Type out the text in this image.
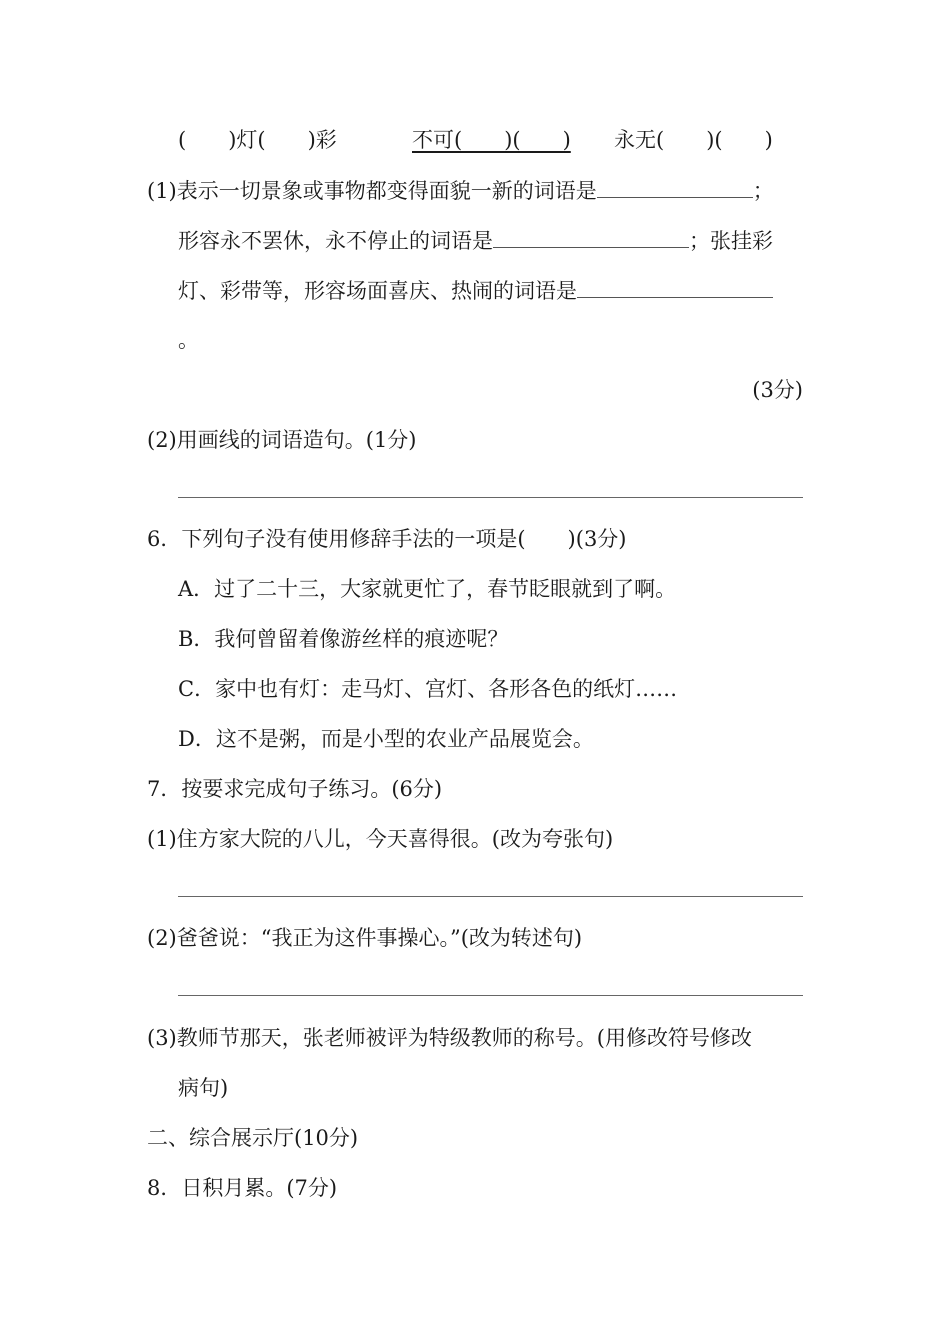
(　　)灯(　　)彩	不可(　　)(　　) 永无(　　)(　　)
(1)表示一切景象或事物都变得面貌一新的词语是	；
形容永不罢休，永不停止的词语是	；张挂彩
灯、彩带等，形容场面喜庆、热闹的词语是
。
(3分)
(2)用画线的词语造句。(1分)
6．下列句子没有使用修辞手法的一项是(　　)(3分)
A．过了二十三，大家就更忙了，春节眨眼就到了啊。
B．我何曾留着像游丝样的痕迹呢？
C．家中也有灯：走马灯、宫灯、各形各色的纸灯……
D．这不是粥，而是小型的农业产品展览会。
7．按要求完成句子练习。(6分)
(1)住方家大院的八儿，今天喜得很。(改为夸张句)
(2)爸爸说：“我正为这件事操心。”(改为转述句)
(3)教师节那天，张老师被评为特级教师的称号。(用修改符号修改
病句)
二、综合展示厅(10分)
8．日积月累。(7分)
